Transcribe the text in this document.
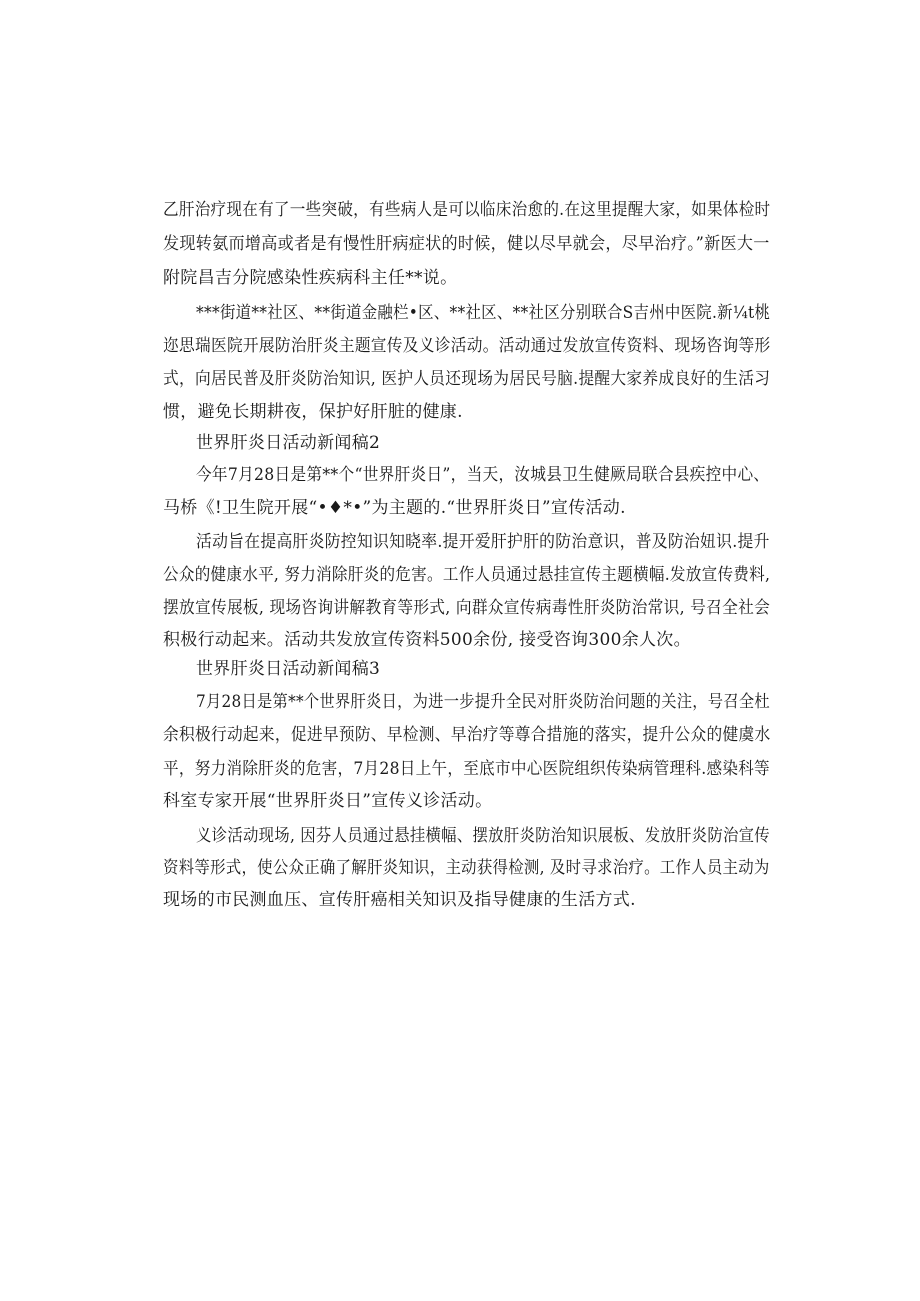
乙肝治疗现在有了一些突破，有些病人是可以临床治愈的.在这里提醒大家，如果体检时
发现转氨而增高或者是有慢性肝病症状的时候，健以尽早就会，尽早治疗。”新医大一
附院昌吉分院感染性疾病科主任**说。
***街道**社区、**街道金融栏•区、**社区、**社区分别联合S吉州中医院.新¼t桃
迩思瑞医院开展防治肝炎主题宣传及义诊活动。活动通过发放宣传资料、现场咨询等形
式，向居民普及肝炎防治知识, 医护人员还现场为居民号脑.提醒大家养成良好的生活习
惯，避免长期耕夜，保护好肝脏的健康.
世界肝炎日活动新闻稿2
今年7月28日是第**个“世界肝炎日”，当天，汝城县卫生健厥局联合县疾控中心、
马桥《!卫生院开展“•♦*•”为主题的.“世界肝炎日”宣传活动.
活动旨在提高肝炎防控知识知晓率.提开爱肝护肝的防治意识，普及防治妞识.提升
公众的健康水平, 努力消除肝炎的危害。工作人员通过悬挂宣传主题横幅.发放宣传费料,
摆放宣传展板, 现场咨询讲解教育等形式, 向群众宣传病毒性肝炎防治常识, 号召全社会
积极行动起来。活动共发放宣传资料500余份, 接受咨询300余人次。
世界肝炎日活动新闻稿3
7月28日是第**个世界肝炎日，为进一步提升全民对肝炎防治问题的关注，号召全杜
余积极行动起来，促进早预防、早检测、早治疗等尊合措施的落实，提升公众的健虞水
平，努力消除肝炎的危害，7月28日上午，至底市中心医院组织传染病管理科.感染科等
科室专家开展“世界肝炎日”宣传义诊活动。
义诊活动现场, 因芬人员通过悬挂横幅、摆放肝炎防治知识展板、发放肝炎防治宣传
资料等形式，使公众正确了解肝炎知识，主动获得检测, 及时寻求治疗。工作人员主动为
现场的市民测血压、宣传肝癌相关知识及指导健康的生活方式.
